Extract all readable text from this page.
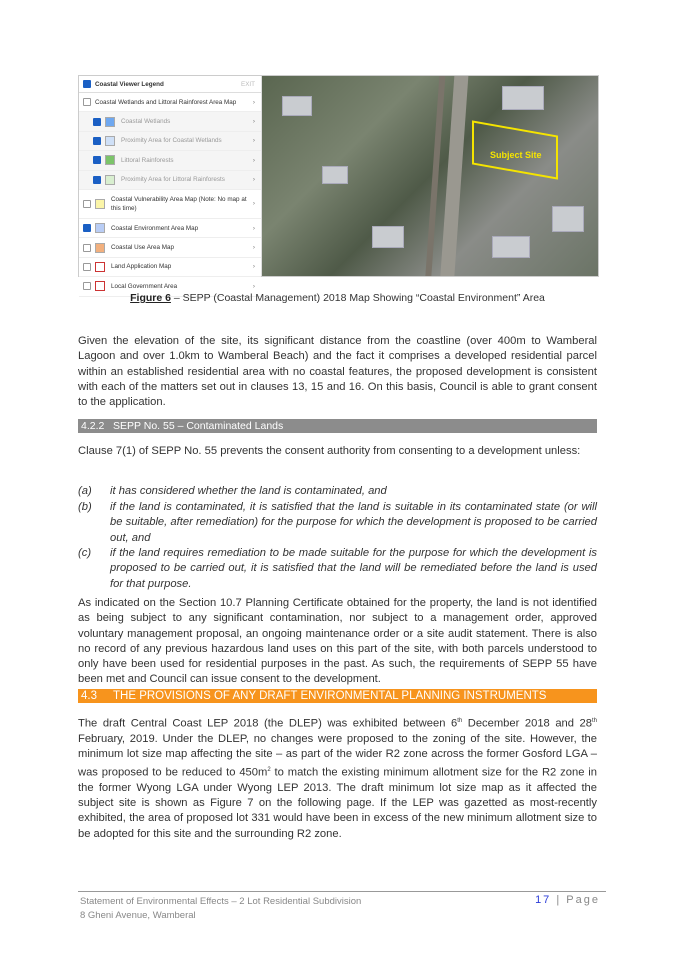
Coastal Viewer Legend	EXIT
Coastal Wetlands and Littoral Rainforest Area Map	›
Coastal Wetlands	›
Proximity Area for Coastal Wetlands	›
Littoral Rainforests	›
Proximity Area for Littoral Rainforests	›
Coastal Vulnerability Area Map (Note: No map at this time)
›
Coastal Environment Area Map	›
Coastal Use Area Map	›
Land Application Map	›
Local Government Area	›
Subject Site
Figure 6 – SEPP (Coastal Management) 2018 Map Showing “Coastal Environment” Area
Given the elevation of the site, its significant distance from the coastline (over 400m to Wamberal Lagoon and over 1.0km to Wamberal Beach) and the fact it comprises a developed residential parcel within an established residential area with no coastal features, the proposed development is consistent with each of the matters set out in clauses 13, 15 and 16. On this basis, Council is able to grant consent to the application.
4.2.2 SEPP No. 55 – Contaminated Lands
Clause 7(1) of SEPP No. 55 prevents the consent authority from consenting to a development unless:
(a)	it has considered whether the land is contaminated, and
(b)	if the land is contaminated, it is satisfied that the land is suitable in its contaminated state (or will be suitable, after remediation) for the purpose for which the development is proposed to be carried out, and
(c)	if the land requires remediation to be made suitable for the purpose for which the development is proposed to be carried out, it is satisfied that the land will be remediated before the land is used for that purpose.
As indicated on the Section 10.7 Planning Certificate obtained for the property, the land is not identified as being subject to any significant contamination, nor subject to a management order, approved voluntary management proposal, an ongoing maintenance order or a site audit statement. There is also no record of any previous hazardous land uses on this part of the site, with both parcels understood to only have been used for residential purposes in the past. As such, the requirements of SEPP 55 have been met and Council can issue consent to the development.
4.3 THE PROVISIONS OF ANY DRAFT ENVIRONMENTAL PLANNING INSTRUMENTS
The draft Central Coast LEP 2018 (the DLEP) was exhibited between 6th December 2018 and 28th February, 2019. Under the DLEP, no changes were proposed to the zoning of the site. However, the minimum lot size map affecting the site – as part of the wider R2 zone across the former Gosford LGA – was proposed to be reduced to $450m^2$ to match the existing minimum allotment size for the R2 zone in the former Wyong LGA under Wyong LEP 2013. The draft minimum lot size map as it affected the subject site is shown as Figure 7 on the following page. If the LEP was gazetted as most-recently exhibited, the area of proposed lot 331 would have been in excess of the new minimum allotment size to be adopted for this site and the surrounding R2 zone.
Statement of Environmental Effects – 2 Lot Residential Subdivision
8 Gheni Avenue, Wamberal
17 | Page
